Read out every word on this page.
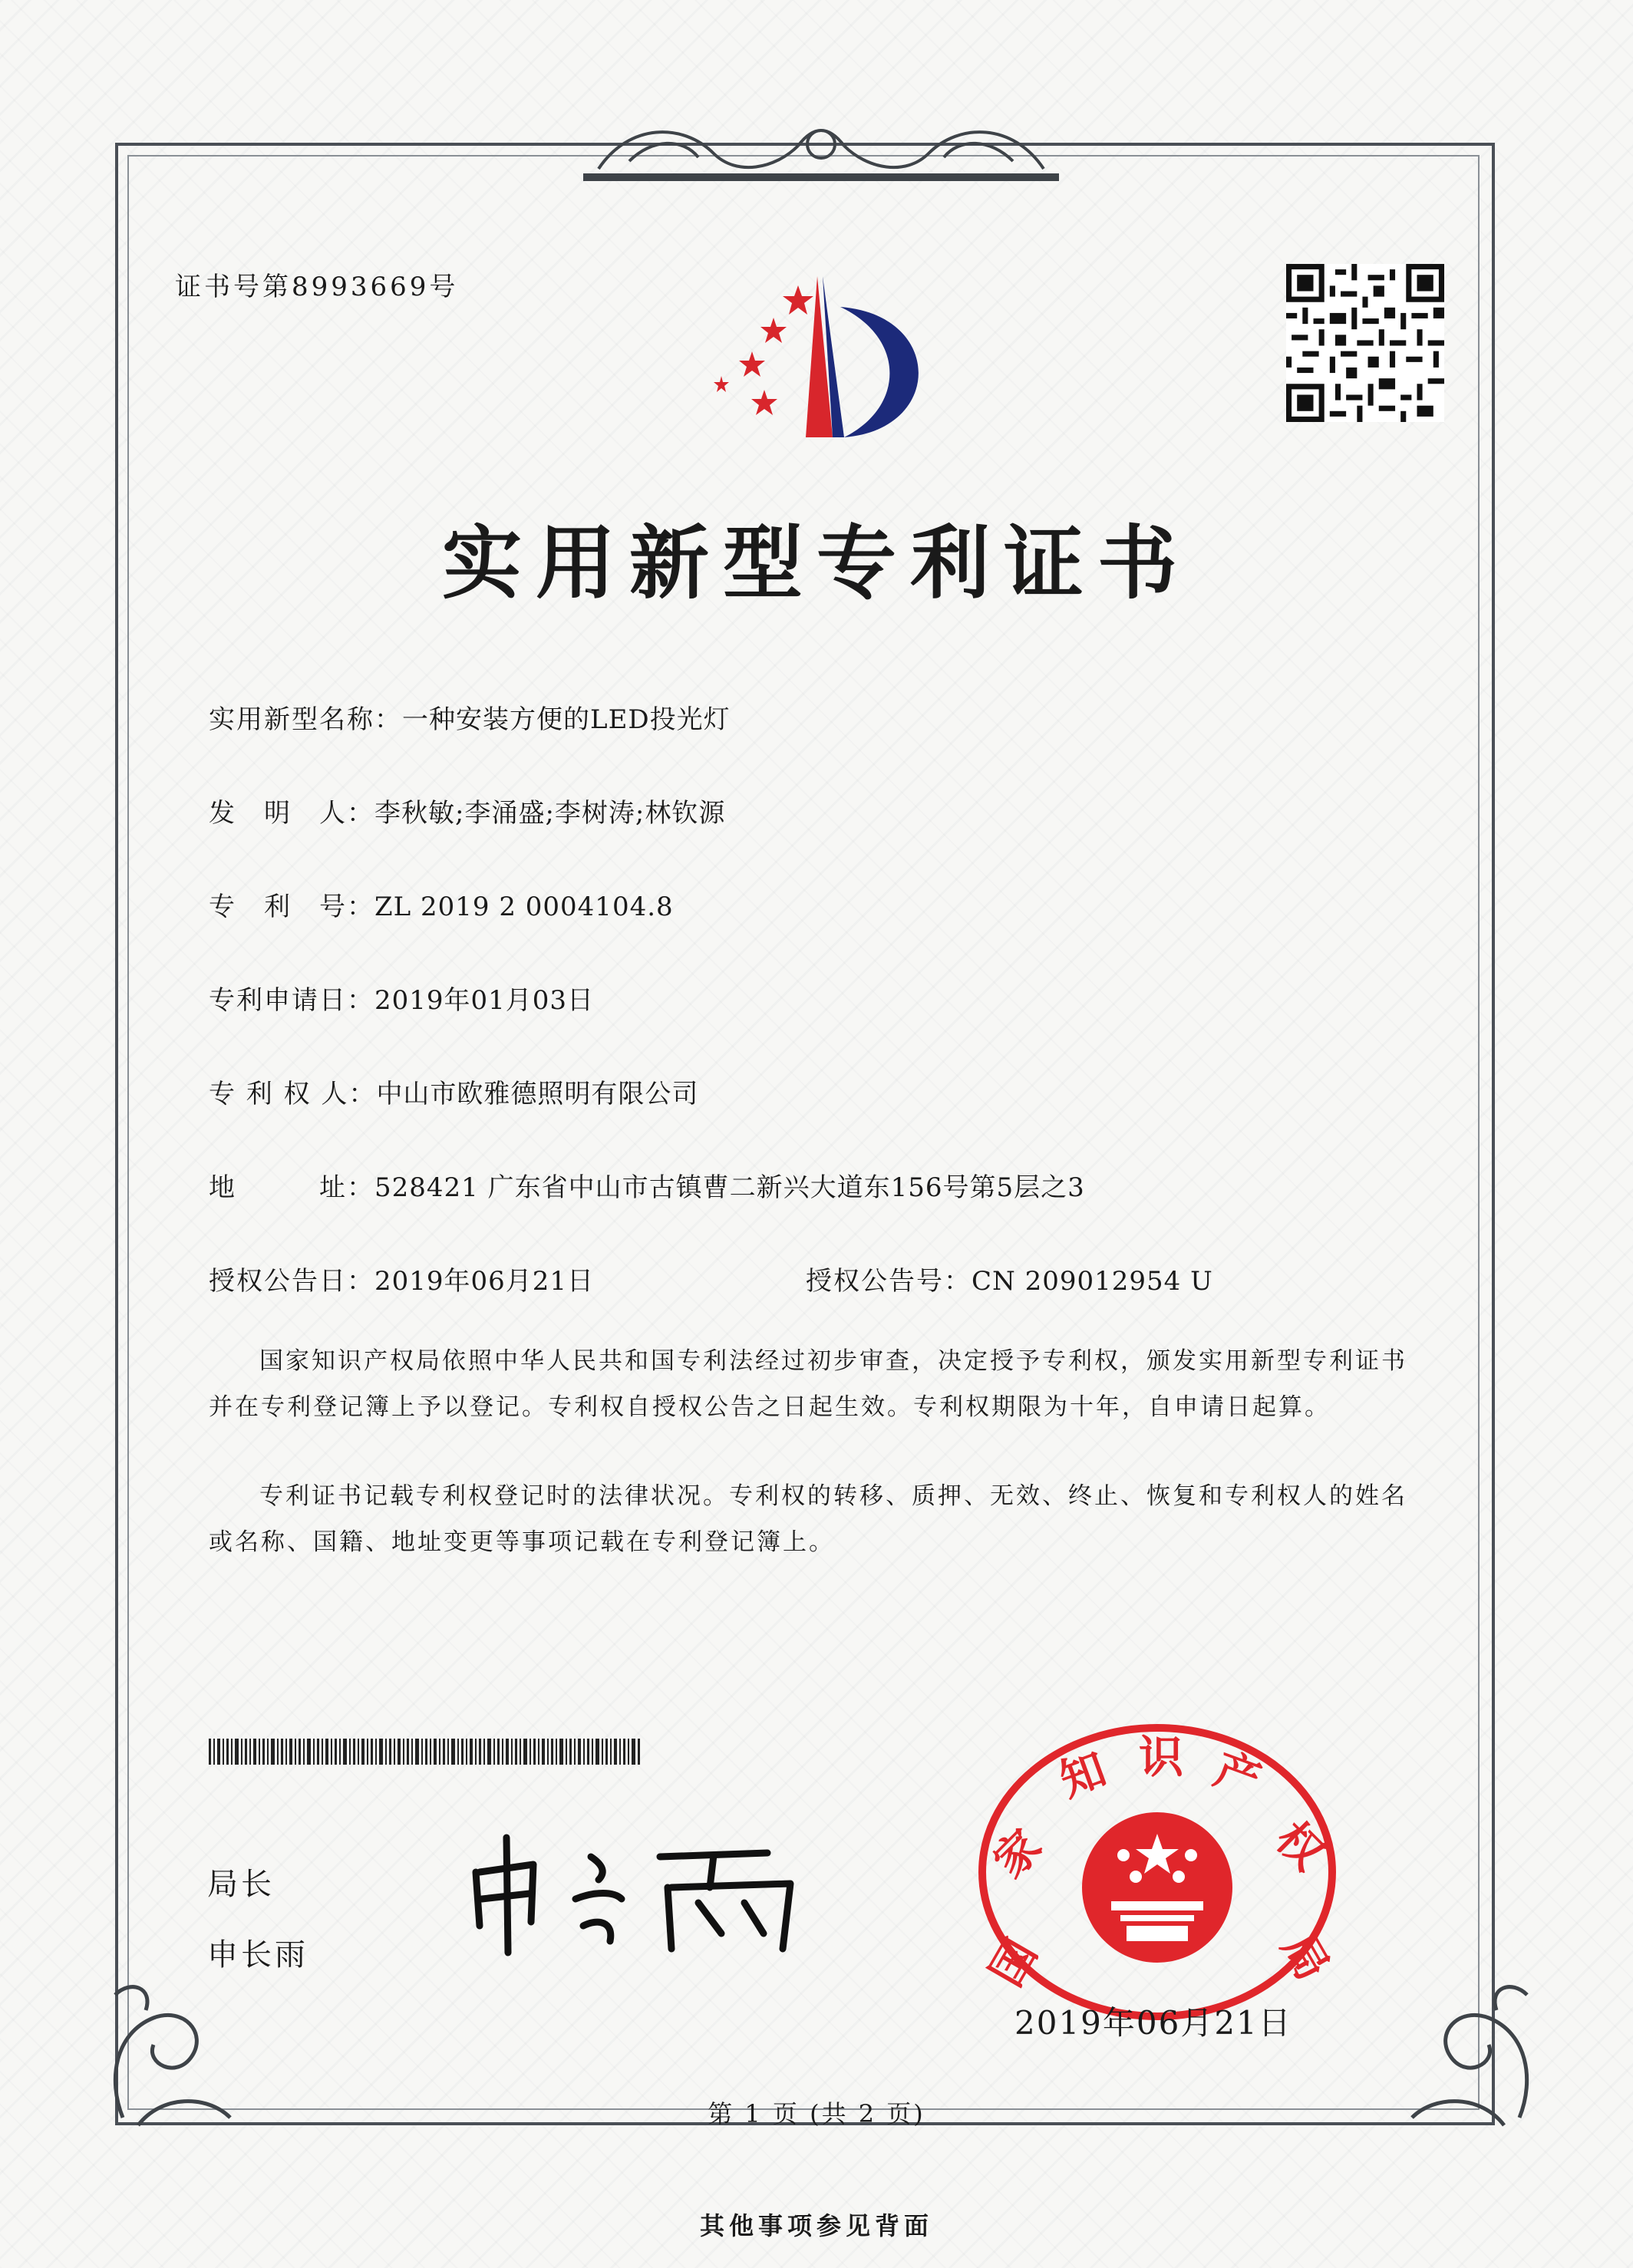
证书号第8993669号
实用新型专利证书
实用新型名称：一种安装方便的LED投光灯
发　明　人：李秋敏;李涌盛;李树涛;林钦源
专　利　号：ZL 2019 2 0004104.8
专利申请日：2019年01月03日
专 利 权 人：中山市欧雅德照明有限公司
地　　　址：528421 广东省中山市古镇曹二新兴大道东156号第5层之3
授权公告日：2019年06月21日	授权公告号：CN 209012954 U
国家知识产权局依照中华人民共和国专利法经过初步审查，决定授予专利权，颁发实用新型专利证书并在专利登记簿上予以登记。专利权自授权公告之日起生效。专利权期限为十年，自申请日起算。
专利证书记载专利权登记时的法律状况。专利权的转移、质押、无效、终止、恢复和专利权人的姓名或名称、国籍、地址变更等事项记载在专利登记簿上。
局长
申长雨	国
家
知 识 产
权
局
2019年06月21日
第 1 页 (共 2 页)
其他事项参见背面
